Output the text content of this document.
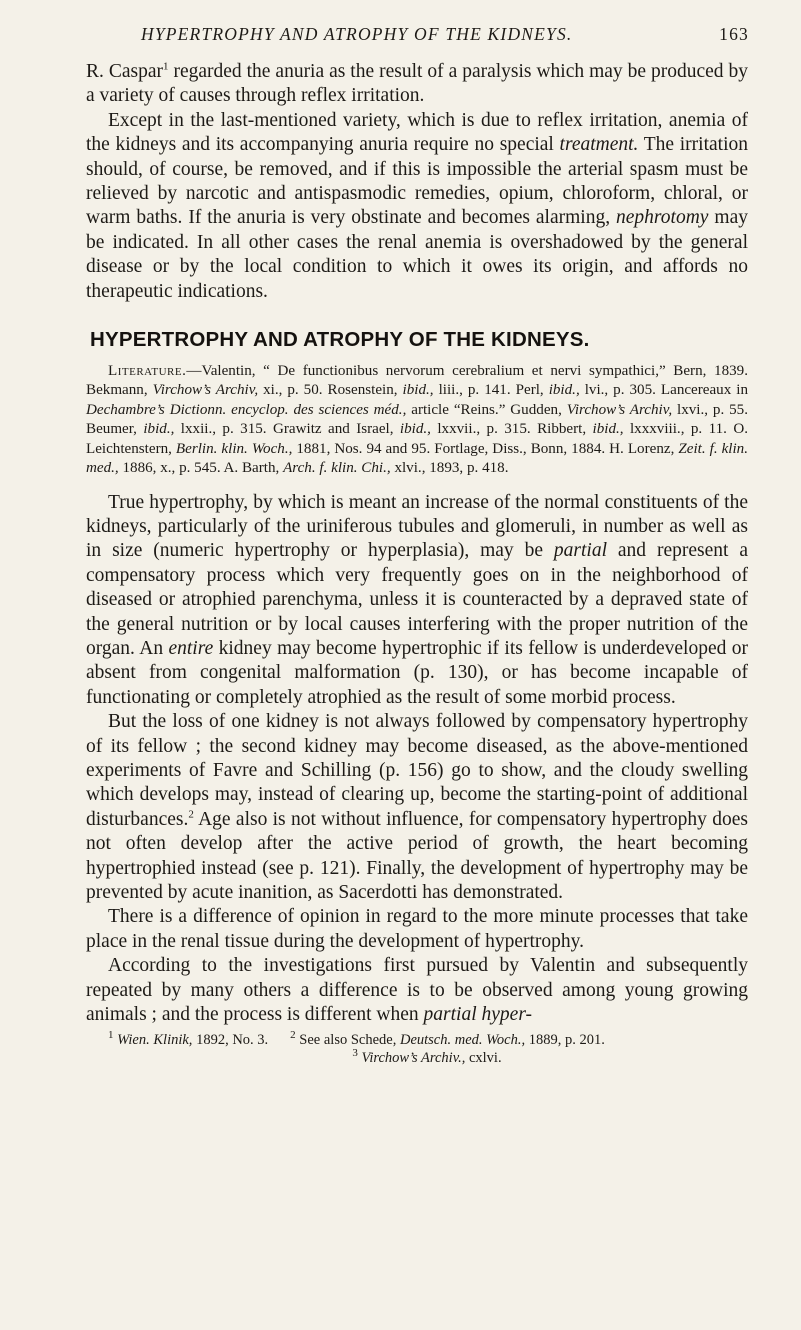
HYPERTROPHY AND ATROPHY OF THE KIDNEYS.	163

R. Caspar$^1$ regarded the anuria as the result of a paralysis which may be produced by a variety of causes through reflex irritation.

Except in the last-mentioned variety, which is due to reflex irritation, anemia of the kidneys and its accompanying anuria require no special treatment. The irritation should, of course, be removed, and if this is impossible the arterial spasm must be relieved by narcotic and antispasmodic remedies, opium, chloroform, chloral, or warm baths. If the anuria is very obstinate and becomes alarming, nephrotomy may be indicated. In all other cases the renal anemia is overshadowed by the general disease or by the local condition to which it owes its origin, and affords no therapeutic indications.

HYPERTROPHY AND ATROPHY OF THE KIDNEYS.

Literature.—Valentin, “ De functionibus nervorum cerebralium et nervi sympathici,” Bern, 1839. Bekmann, Virchow’s Archiv, xi., p. 50. Rosenstein, ibid., liii., p. 141. Perl, ibid., lvi., p. 305. Lancereaux in Dechambre’s Dictionn. encyclop. des sciences méd., article “Reins.” Gudden, Virchow’s Archiv, lxvi., p. 55. Beumer, ibid., lxxii., p. 315. Grawitz and Israel, ibid., lxxvii., p. 315. Ribbert, ibid., lxxxviii., p. 11. O. Leichtenstern, Berlin. klin. Woch., 1881, Nos. 94 and 95. Fortlage, Diss., Bonn, 1884. H. Lorenz, Zeit. f. klin. med., 1886, x., p. 545. A. Barth, Arch. f. klin. Chi., xlvi., 1893, p. 418.

True hypertrophy, by which is meant an increase of the normal constituents of the kidneys, particularly of the uriniferous tubules and glomeruli, in number as well as in size (numeric hypertrophy or hyperplasia), may be partial and represent a compensatory process which very frequently goes on in the neighborhood of diseased or atrophied parenchyma, unless it is counteracted by a depraved state of the general nutrition or by local causes interfering with the proper nutrition of the organ. An entire kidney may become hypertrophic if its fellow is underdeveloped or absent from congenital malformation (p. 130), or has become incapable of functionating or completely atrophied as the result of some morbid process.

But the loss of one kidney is not always followed by compensatory hypertrophy of its fellow ; the second kidney may become diseased, as the above-mentioned experiments of Favre and Schilling (p. 156) go to show, and the cloudy swelling which develops may, instead of clearing up, become the starting-point of additional disturbances.$^2$ Age also is not without influence, for compensatory hypertrophy does not often develop after the active period of growth, the heart becoming hypertrophied instead (see p. 121). Finally, the development of hypertrophy may be prevented by acute inanition, as Sacerdotti has demonstrated.

There is a difference of opinion in regard to the more minute processes that take place in the renal tissue during the development of hypertrophy.

According to the investigations first pursued by Valentin and subsequently repeated by many others a difference is to be observed among young growing animals ; and the process is different when partial hyper-

$^1$ Wien. Klinik, 1892, No. 3. $^2$ See also Schede, Deutsch. med. Woch., 1889, p. 201.
$^3$ Virchow’s Archiv., cxlvi.
